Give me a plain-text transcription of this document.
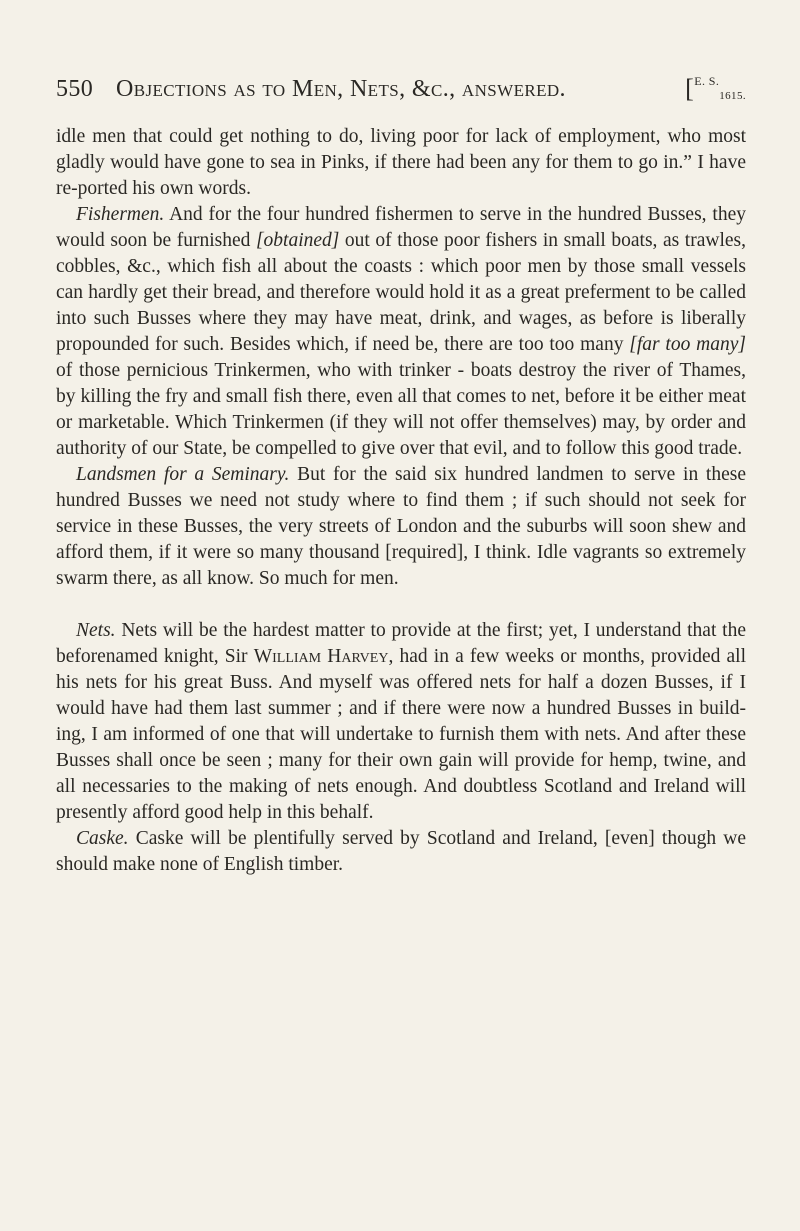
550 Objections as to Men, Nets, &c., answered.	[$^{E. S.}_{1615.}$

idle men that could get nothing to do, living poor for lack of employment, who most gladly would have gone to sea in Pinks, if there had been any for them to go in.” I have re-ported his own words.

Fishermen. And for the four hundred fishermen to serve in the hundred Busses, they would soon be furnished [obtained] out of those poor fishers in small boats, as trawles, cobbles, &c., which fish all about the coasts : which poor men by those small vessels can hardly get their bread, and therefore would hold it as a great preferment to be called into such Busses where they may have meat, drink, and wages, as before is liberally propounded for such. Besides which, if need be, there are too too many [far too many] of those pernicious Trinkermen, who with trinker - boats destroy the river of Thames, by killing the fry and small fish there, even all that comes to net, before it be either meat or marketable. Which Trinkermen (if they will not offer themselves) may, by order and authority of our State, be compelled to give over that evil, and to follow this good trade.

Landsmen for a Seminary. But for the said six hundred landmen to serve in these hundred Busses we need not study where to find them ; if such should not seek for service in these Busses, the very streets of London and the suburbs will soon shew and afford them, if it were so many thousand [required], I think. Idle vagrants so extremely swarm there, as all know. So much for men.

Nets. Nets will be the hardest matter to provide at the first; yet, I understand that the beforenamed knight, Sir William Harvey, had in a few weeks or months, provided all his nets for his great Buss. And myself was offered nets for half a dozen Busses, if I would have had them last summer ; and if there were now a hundred Busses in build-ing, I am informed of one that will undertake to furnish them with nets. And after these Busses shall once be seen ; many for their own gain will provide for hemp, twine, and all necessaries to the making of nets enough. And doubtless Scotland and Ireland will presently afford good help in this behalf.

Caske. Caske will be plentifully served by Scotland and Ireland, [even] though we should make none of English timber.
